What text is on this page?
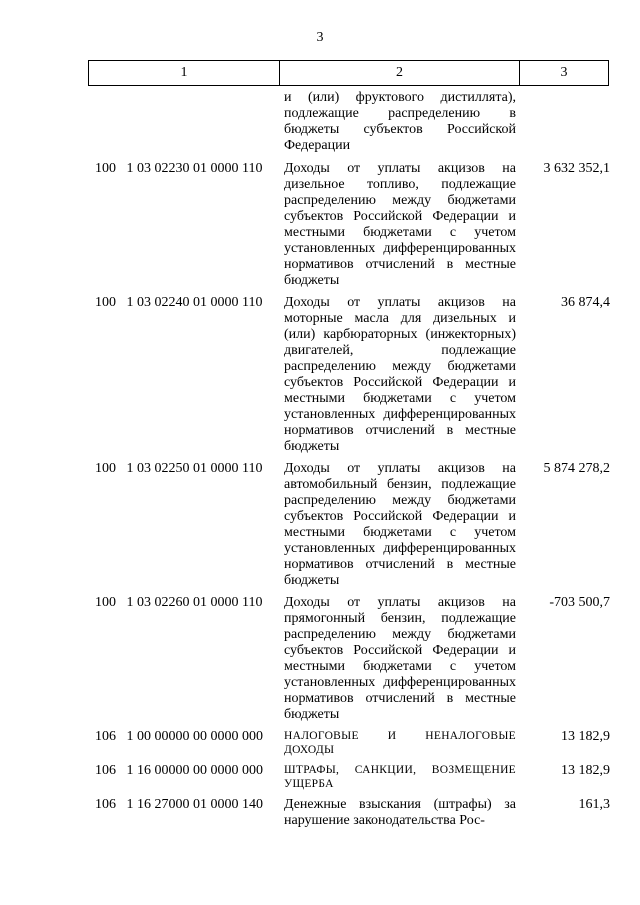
3
1	2	3
и (или) фруктового дистиллята), подлежащие распределению в бюджеты субъектов Российской Федерации
100   1 03 02230 01 0000 110 Доходы от уплаты акцизов на дизельное топливо, подлежащие распределению между бюджетами субъектов Российской Федерации и местными бюджетами с учетом установленных дифференцированных нормативов отчислений в местные бюджеты
3 632 352,1
100   1 03 02240 01 0000 110 Доходы от уплаты акцизов на моторные масла для дизельных и (или) карбюраторных (инжекторных) двигателей, подлежащие распределению между бюджетами субъектов Российской Федерации и местными бюджетами с учетом установленных дифференцированных нормативов отчислений в местные бюджеты
36 874,4
100   1 03 02250 01 0000 110 Доходы от уплаты акцизов на автомобильный бензин, подлежащие распределению между бюджетами субъектов Российской Федерации и местными бюджетами с учетом установленных дифференцированных нормативов отчислений в местные бюджеты
5 874 278,2
100   1 03 02260 01 0000 110 Доходы от уплаты акцизов на прямогонный бензин, подлежащие распределению между бюджетами субъектов Российской Федерации и местными бюджетами с учетом установленных дифференцированных нормативов отчислений в местные бюджеты
-703 500,7
106   1 00 00000 00 0000 000 НАЛОГОВЫЕ И НЕНАЛОГОВЫЕ ДОХОДЫ
13 182,9
106   1 16 00000 00 0000 000 ШТРАФЫ, САНКЦИИ, ВОЗМЕЩЕНИЕ УЩЕРБА
13 182,9
106   1 16 27000 01 0000 140 Денежные взыскания (штрафы) за нарушение законодательства Рос-
161,3
